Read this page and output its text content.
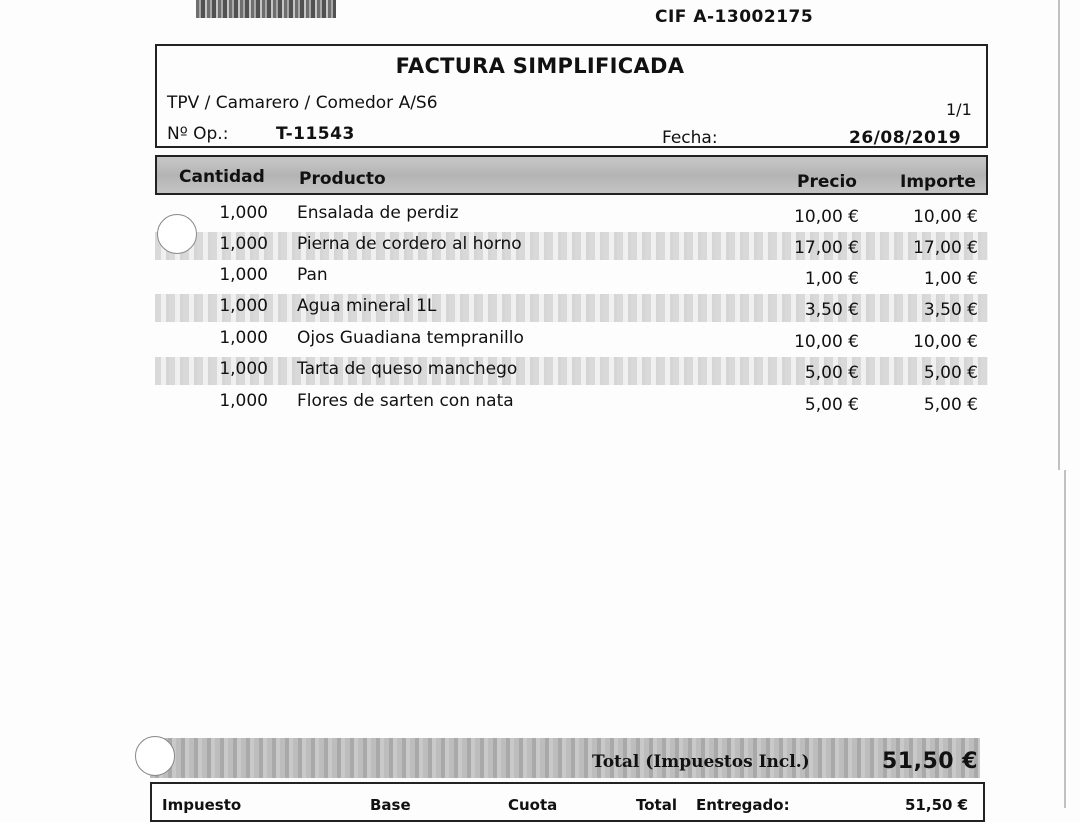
CIF A-13002175
FACTURA SIMPLIFICADA
TPV / Camarero / Comedor A/S6	1/1
Nº Op.:	T-11543	Fecha:	26/08/2019
Cantidad Producto	Precio	Importe
1,000 Ensalada de perdiz	10,00 €	10,00 €
1,000 Pierna de cordero al horno	17,00 €	17,00 €
1,000 Pan	1,00 €	1,00 €
1,000 Agua mineral 1L	3,50 €	3,50 €
1,000 Ojos Guadiana tempranillo	10,00 €	10,00 €
1,000 Tarta de queso manchego	5,00 €	5,00 €
1,000 Flores de sarten con nata	5,00 €	5,00 €
Total (Impuestos Incl.)	51,50 €
Impuesto	Base	Cuota	Total Entregado:	51,50 €
